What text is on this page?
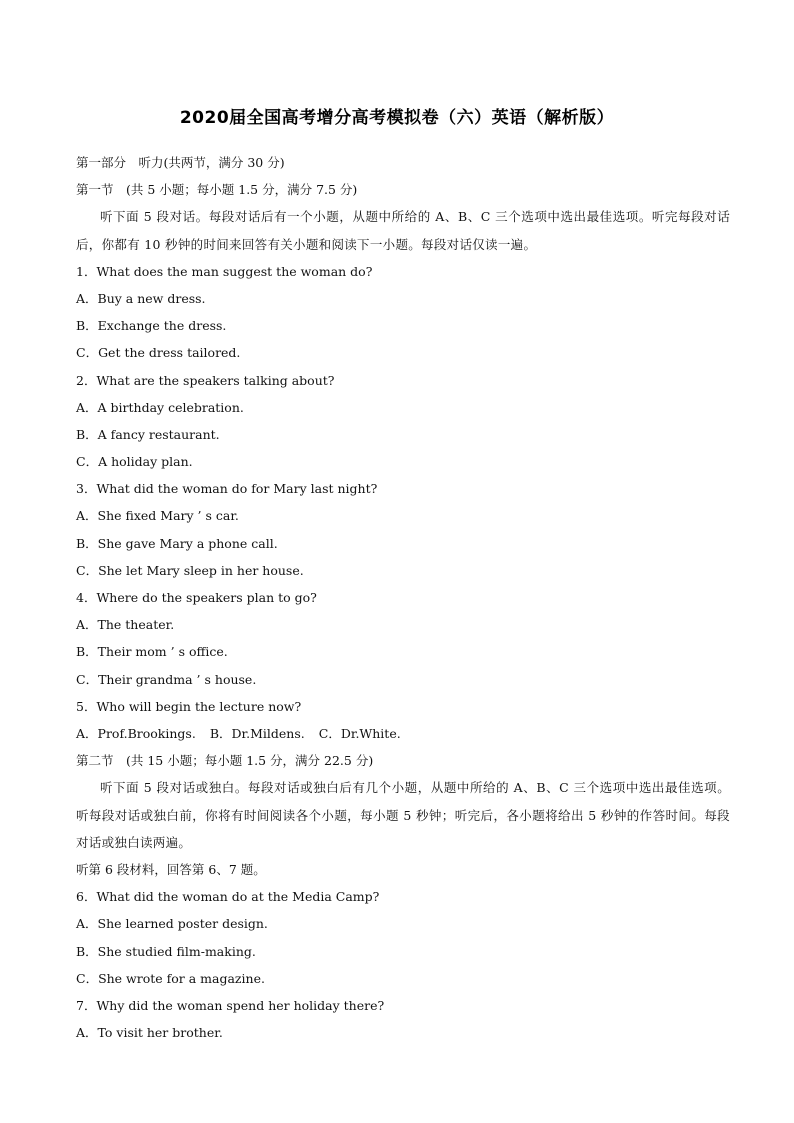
2020届全国高考增分高考模拟卷（六）英语（解析版）

第一部分　听力(共两节，满分 30 分)

第一节　(共 5 小题；每小题 1.5 分，满分 7.5 分)

听下面 5 段对话。每段对话后有一个小题，从题中所给的 A、B、C 三个选项中选出最佳选项。听完每段对话后，你都有 10 秒钟的时间来回答有关小题和阅读下一小题。每段对话仅读一遍。

1．What does the man suggest the woman do?

A．Buy a new dress.

B．Exchange the dress.

C．Get the dress tailored.

2．What are the speakers talking about?

A．A birthday celebration.

B．A fancy restaurant.

C．A holiday plan.

3．What did the woman do for Mary last night?

A．She fixed Mary ’ s car.

B．She gave Mary a phone call.

C．She let Mary sleep in her house.

4．Where do the speakers plan to go?

A．The theater.

B．Their mom ’ s office.

C．Their grandma ’ s house.

5．Who will begin the lecture now?

A．Prof.Brookings. B．Dr.Mildens. C．Dr.White.

第二节　(共 15 小题；每小题 1.5 分，满分 22.5 分)

听下面 5 段对话或独白。每段对话或独白后有几个小题，从题中所给的 A、B、C 三个选项中选出最佳选项。听每段对话或独白前，你将有时间阅读各个小题，每小题 5 秒钟；听完后，各小题将给出 5 秒钟的作答时间。每段对话或独白读两遍。

听第 6 段材料，回答第 6、7 题。

6．What did the woman do at the Media Camp?

A．She learned poster design.

B．She studied film-making.

C．She wrote for a magazine.

7．Why did the woman spend her holiday there?

A．To visit her brother.
